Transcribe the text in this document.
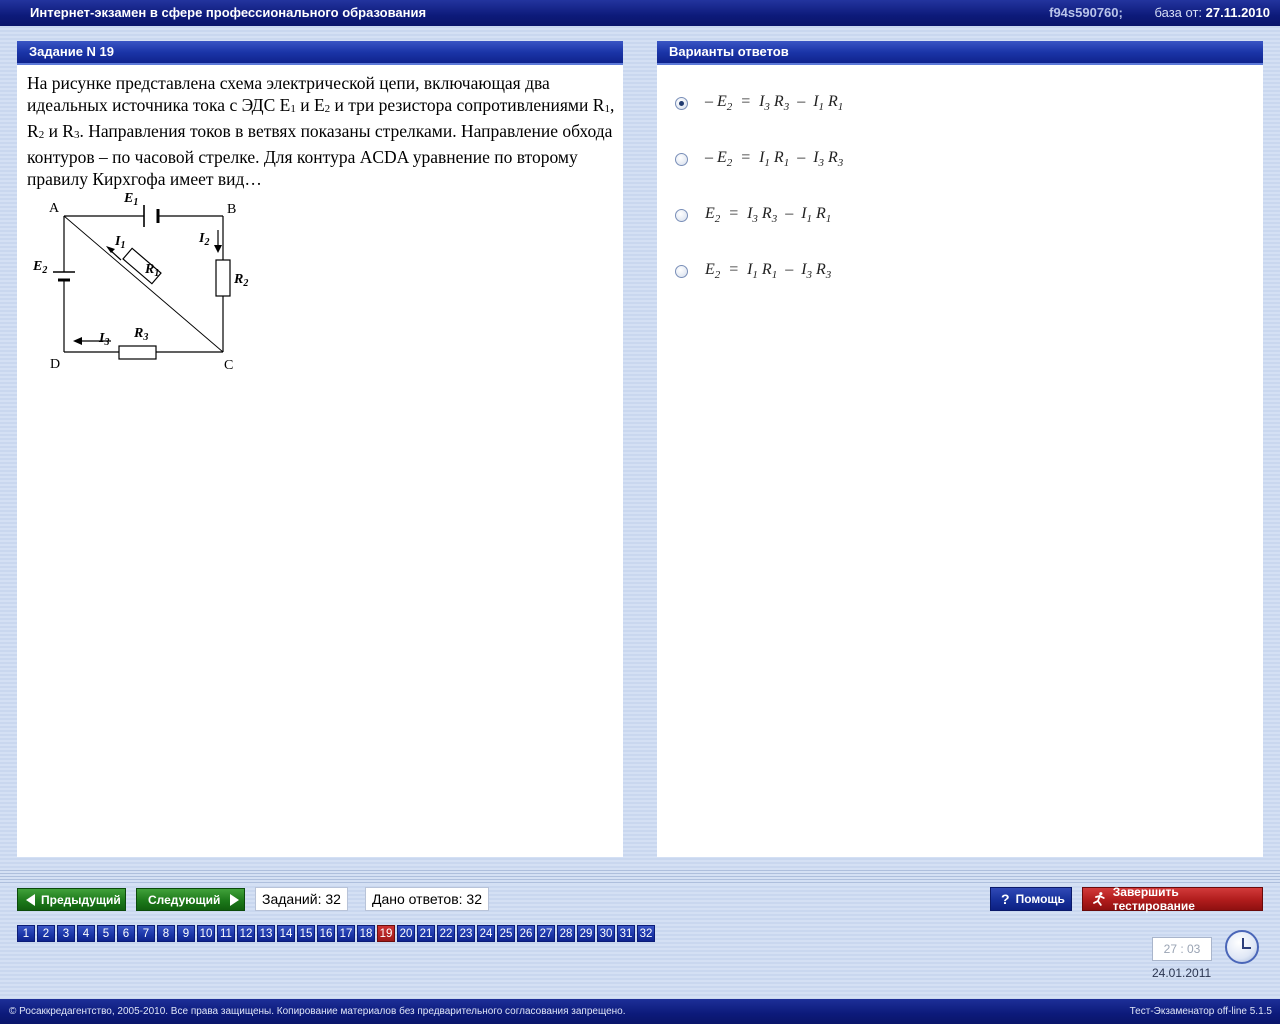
Интернет-экзамен в сфере профессионального образования	f94s590760; база от: 27.11.2010
Задание N 19
На рисунке представлена схема электрической цепи, включающая два идеальных источника тока с ЭДС $E_1$ и $E_2$ и три резистора сопротивлениями $R_1$, $R_2$ и $R_3$. Направления токов в ветвях показаны стрелками. Направление обхода контуров – по часовой стрелке. Для контура ACDA уравнение по второму правилу Кирхгофа имеет вид…
A	B
C
D
$E_1$
$E_2$
$I_1$	$I_2$
$I_3$
$R_1$	$R_2$
$R_3$
Варианты ответов
– $E_2 = I_3$ $R_3 - I_1$ $R_1$
– $E_2 = I_1$ $R_1 - I_3$ $R_3$
$E_2 = I_3$ $R_3 - I_1$ $R_1$
$E_2 = I_1$ $R_1 - I_3$ $R_3$
Предыдущий Следующий	Заданий: 32	Дано ответов: 32	? Помощь	Завершить тестирование
1	2	3	4	5	6	7	8	9 10 11 12 13 14 15 16 17 18 19 20 21 22 23 24 25 26 27 28 29 30 31 32
27 : 03
24.01.2011
© Росаккредагентство, 2005-2010. Все права защищены. Копирование материалов без предварительного согласования запрещено.	Тест-Экзаменатор off-line 5.1.5
